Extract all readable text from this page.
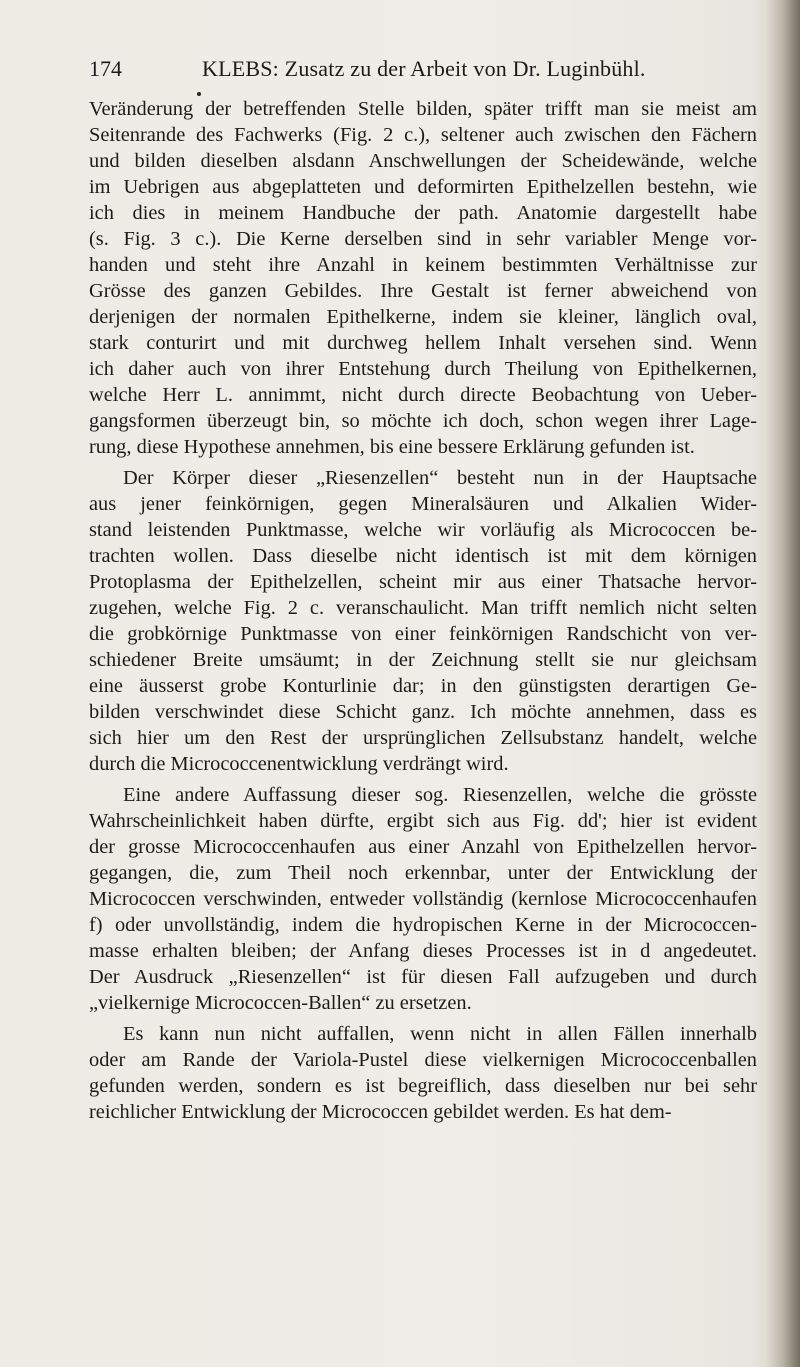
174	KLEBS: Zusatz zu der Arbeit von Dr. Luginbühl.

Veränderung der betreffenden Stelle bilden, später trifft man sie meist am
Seitenrande des Fachwerks (Fig. 2 c.), seltener auch zwischen den Fächern
und bilden dieselben alsdann Anschwellungen der Scheidewände, welche
im Uebrigen aus abgeplatteten und deformirten Epithelzellen bestehn, wie
ich dies in meinem Handbuche der path. Anatomie dargestellt habe
(s. Fig. 3 c.). Die Kerne derselben sind in sehr variabler Menge vor-
handen und steht ihre Anzahl in keinem bestimmten Verhältnisse zur
Grösse des ganzen Gebildes. Ihre Gestalt ist ferner abweichend von
derjenigen der normalen Epithelkerne, indem sie kleiner, länglich oval,
stark conturirt und mit durchweg hellem Inhalt versehen sind. Wenn
ich daher auch von ihrer Entstehung durch Theilung von Epithelkernen,
welche Herr L. annimmt, nicht durch directe Beobachtung von Ueber-
gangsformen überzeugt bin, so möchte ich doch, schon wegen ihrer Lage-
rung, diese Hypothese annehmen, bis eine bessere Erklärung gefunden ist.

Der Körper dieser „Riesenzellen“ besteht nun in der Hauptsache
aus jener feinkörnigen, gegen Mineralsäuren und Alkalien Wider-
stand leistenden Punktmasse, welche wir vorläufig als Micrococcen be-
trachten wollen. Dass dieselbe nicht identisch ist mit dem körnigen
Protoplasma der Epithelzellen, scheint mir aus einer Thatsache hervor-
zugehen, welche Fig. 2 c. veranschaulicht. Man trifft nemlich nicht selten
die grobkörnige Punktmasse von einer feinkörnigen Randschicht von ver-
schiedener Breite umsäumt; in der Zeichnung stellt sie nur gleichsam
eine äusserst grobe Konturlinie dar; in den günstigsten derartigen Ge-
bilden verschwindet diese Schicht ganz. Ich möchte annehmen, dass es
sich hier um den Rest der ursprünglichen Zellsubstanz handelt, welche
durch die Micrococcenentwicklung verdrängt wird.

Eine andere Auffassung dieser sog. Riesenzellen, welche die grösste
Wahrscheinlichkeit haben dürfte, ergibt sich aus Fig. dd'; hier ist evident
der grosse Micrococcenhaufen aus einer Anzahl von Epithelzellen hervor-
gegangen, die, zum Theil noch erkennbar, unter der Entwicklung der
Micrococcen verschwinden, entweder vollständig (kernlose Micrococcenhaufen
f) oder unvollständig, indem die hydropischen Kerne in der Micrococcen-
masse erhalten bleiben; der Anfang dieses Processes ist in d angedeutet.
Der Ausdruck „Riesenzellen“ ist für diesen Fall aufzugeben und durch
„vielkernige Micrococcen-Ballen“ zu ersetzen.

Es kann nun nicht auffallen, wenn nicht in allen Fällen innerhalb
oder am Rande der Variola-Pustel diese vielkernigen Micrococcenballen
gefunden werden, sondern es ist begreiflich, dass dieselben nur bei sehr
reichlicher Entwicklung der Micrococcen gebildet werden. Es hat dem-
